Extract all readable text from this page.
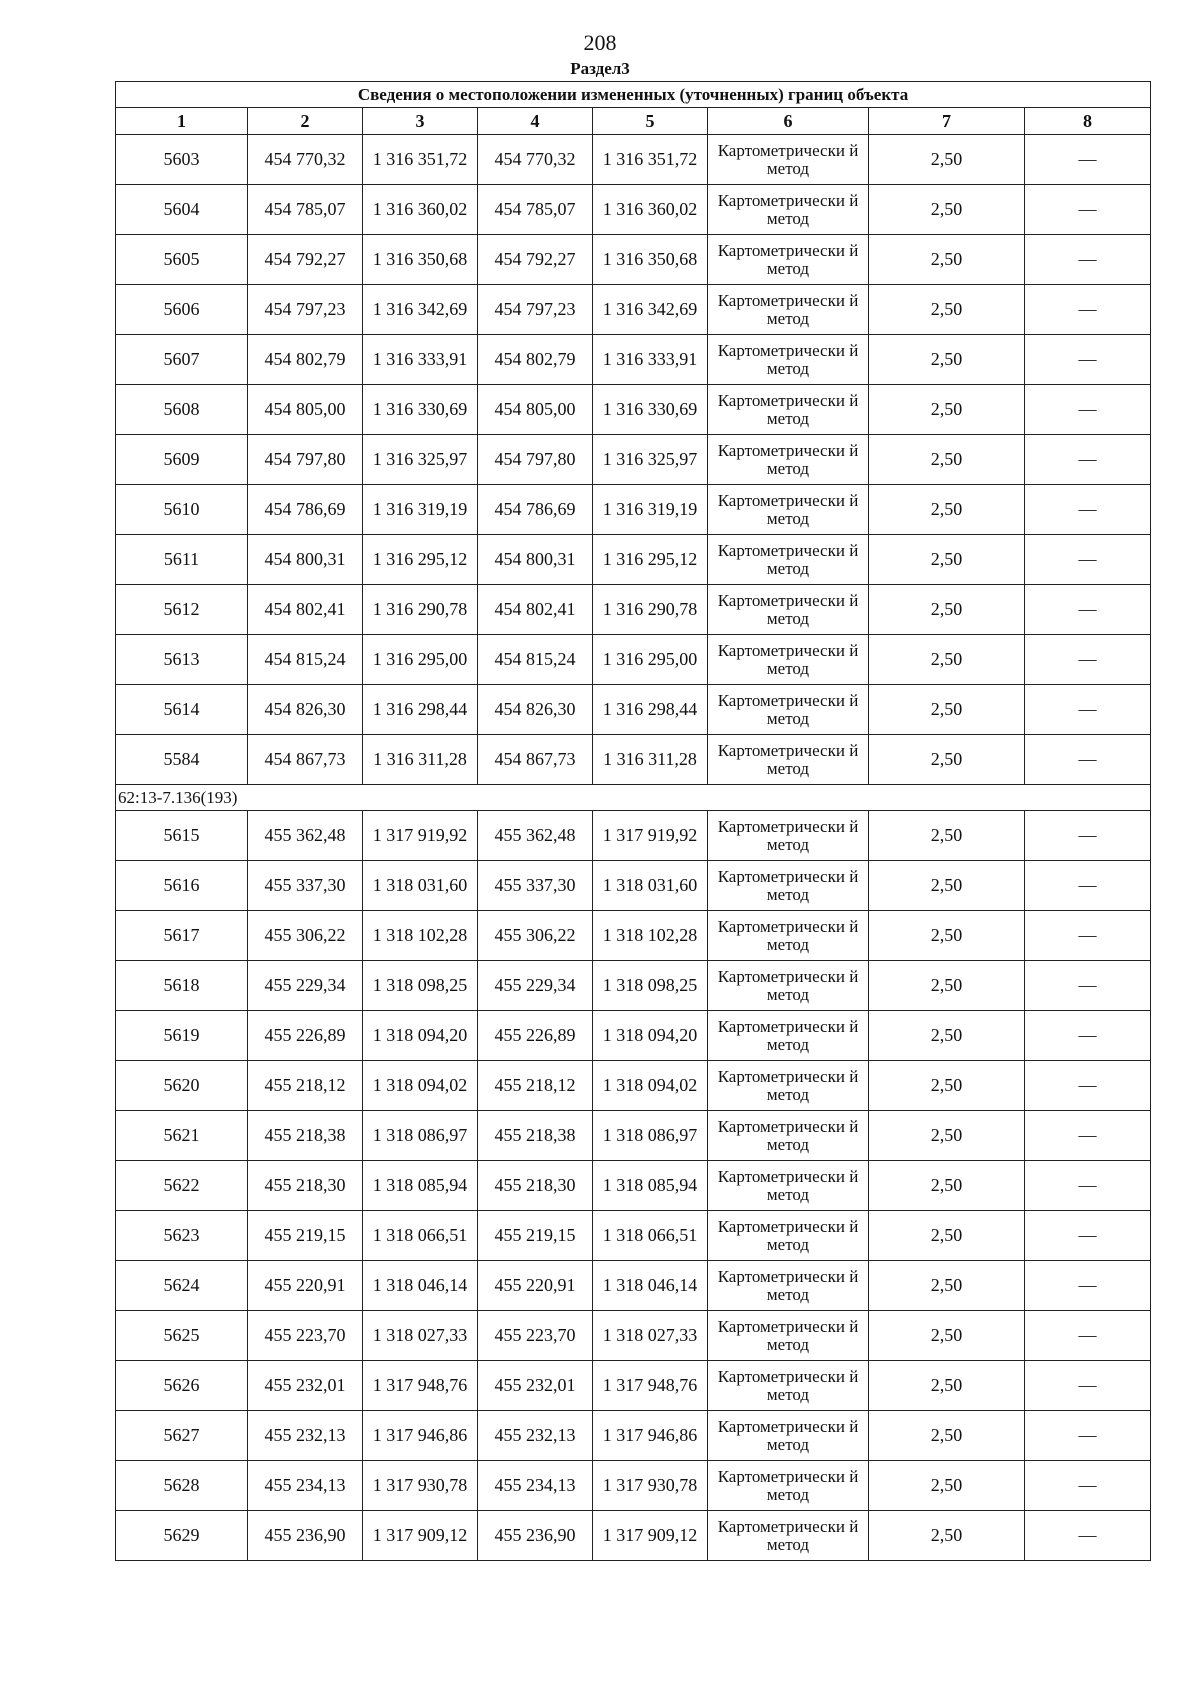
208
Раздел3
Сведения о местоположении измененных (уточненных) границ объекта							
1	2	3	4	5	6	7	8
5603	454 770,32	1 316 351,72	454 770,32	1 316 351,72	Картометрически й метод	2,50	—
5604	454 785,07	1 316 360,02	454 785,07	1 316 360,02	Картометрически й метод	2,50	—
5605	454 792,27	1 316 350,68	454 792,27	1 316 350,68	Картометрически й метод	2,50	—
5606	454 797,23	1 316 342,69	454 797,23	1 316 342,69	Картометрически й метод	2,50	—
5607	454 802,79	1 316 333,91	454 802,79	1 316 333,91	Картометрически й метод	2,50	—
5608	454 805,00	1 316 330,69	454 805,00	1 316 330,69	Картометрически й метод	2,50	—
5609	454 797,80	1 316 325,97	454 797,80	1 316 325,97	Картометрически й метод	2,50	—
5610	454 786,69	1 316 319,19	454 786,69	1 316 319,19	Картометрически й метод	2,50	—
5611	454 800,31	1 316 295,12	454 800,31	1 316 295,12	Картометрически й метод	2,50	—
5612	454 802,41	1 316 290,78	454 802,41	1 316 290,78	Картометрически й метод	2,50	—
5613	454 815,24	1 316 295,00	454 815,24	1 316 295,00	Картометрически й метод	2,50	—
5614	454 826,30	1 316 298,44	454 826,30	1 316 298,44	Картометрически й метод	2,50	—
5584	454 867,73	1 316 311,28	454 867,73	1 316 311,28	Картометрически й метод	2,50	—
62:13-7.136(193)							
5615	455 362,48	1 317 919,92	455 362,48	1 317 919,92	Картометрически й метод	2,50	—
5616	455 337,30	1 318 031,60	455 337,30	1 318 031,60	Картометрически й метод	2,50	—
5617	455 306,22	1 318 102,28	455 306,22	1 318 102,28	Картометрически й метод	2,50	—
5618	455 229,34	1 318 098,25	455 229,34	1 318 098,25	Картометрически й метод	2,50	—
5619	455 226,89	1 318 094,20	455 226,89	1 318 094,20	Картометрически й метод	2,50	—
5620	455 218,12	1 318 094,02	455 218,12	1 318 094,02	Картометрически й метод	2,50	—
5621	455 218,38	1 318 086,97	455 218,38	1 318 086,97	Картометрически й метод	2,50	—
5622	455 218,30	1 318 085,94	455 218,30	1 318 085,94	Картометрически й метод	2,50	—
5623	455 219,15	1 318 066,51	455 219,15	1 318 066,51	Картометрически й метод	2,50	—
5624	455 220,91	1 318 046,14	455 220,91	1 318 046,14	Картометрически й метод	2,50	—
5625	455 223,70	1 318 027,33	455 223,70	1 318 027,33	Картометрически й метод	2,50	—
5626	455 232,01	1 317 948,76	455 232,01	1 317 948,76	Картометрически й метод	2,50	—
5627	455 232,13	1 317 946,86	455 232,13	1 317 946,86	Картометрически й метод	2,50	—
5628	455 234,13	1 317 930,78	455 234,13	1 317 930,78	Картометрически й метод	2,50	—
5629	455 236,90	1 317 909,12	455 236,90	1 317 909,12	Картометрически й метод	2,50	—
